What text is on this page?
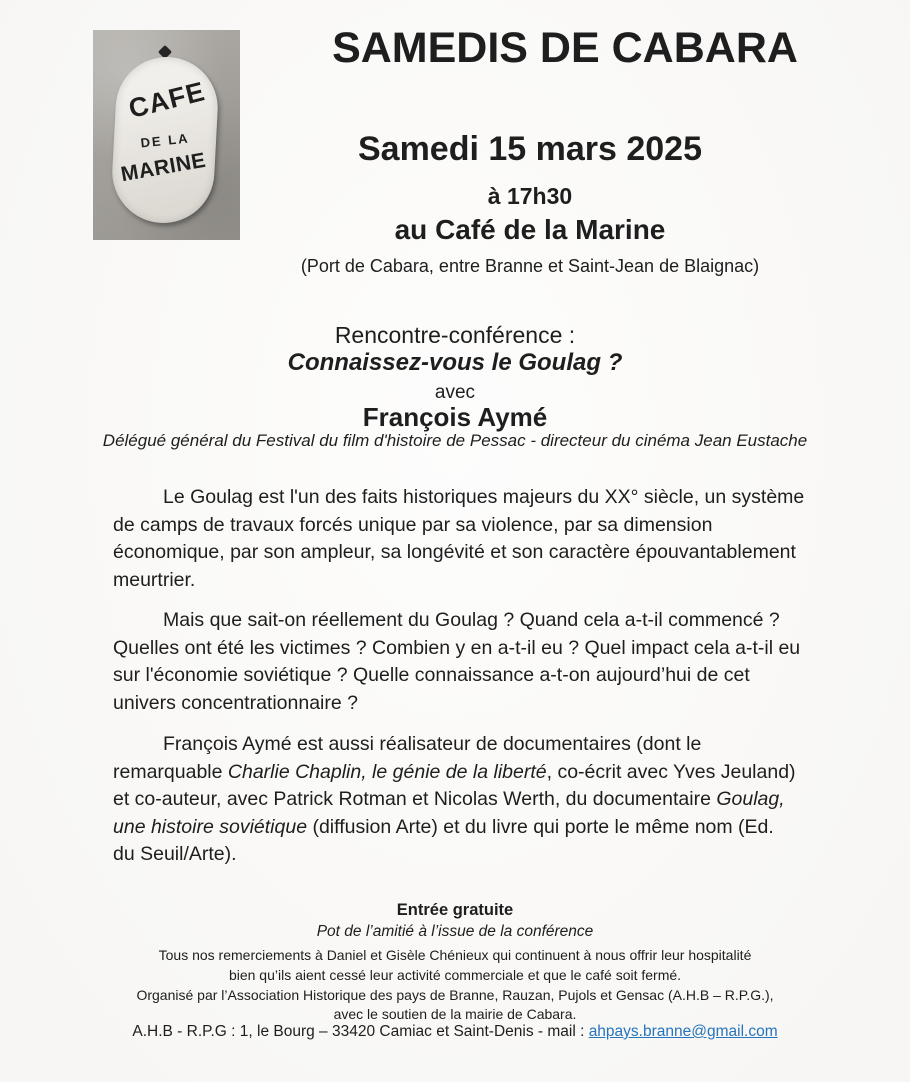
CAFE
DE LA
MARINE
SAMEDIS DE CABARA
Samedi 15 mars 2025
à 17h30
au Café de la Marine
(Port de Cabara, entre Branne et Saint-Jean de Blaignac)
Rencontre-conférence :
Connaissez-vous le Goulag ?
avec
François Aymé
Délégué général du Festival du film d'histoire de Pessac - directeur du cinéma Jean Eustache
Le Goulag est l'un des faits historiques majeurs du XX° siècle, un système
de camps de travaux forcés unique par sa violence, par sa dimension
économique, par son ampleur, sa longévité et son caractère épouvantablement
meurtrier.
Mais que sait-on réellement du Goulag ? Quand cela a-t-il commencé ?
Quelles ont été les victimes ? Combien y en a-t-il eu ? Quel impact cela a-t-il eu
sur l'économie soviétique ? Quelle connaissance a-t-on aujourd’hui de cet
univers concentrationnaire ?
François Aymé est aussi réalisateur de documentaires (dont le
remarquable Charlie Chaplin, le génie de la liberté, co-écrit avec Yves Jeuland)
et co-auteur, avec Patrick Rotman et Nicolas Werth, du documentaire Goulag,
une histoire soviétique (diffusion Arte) et du livre qui porte le même nom (Ed.
du Seuil/Arte).
Entrée gratuite
Pot de l’amitié à l’issue de la conférence
Tous nos remerciements à Daniel et Gisèle Chénieux qui continuent à nous offrir leur hospitalité
bien qu’ils aient cessé leur activité commerciale et que le café soit fermé.
Organisé par l’Association Historique des pays de Branne, Rauzan, Pujols et Gensac (A.H.B – R.P.G.),
avec le soutien de la mairie de Cabara.
A.H.B - R.P.G : 1, le Bourg – 33420 Camiac et Saint-Denis - mail : ahpays.branne@gmail.com
